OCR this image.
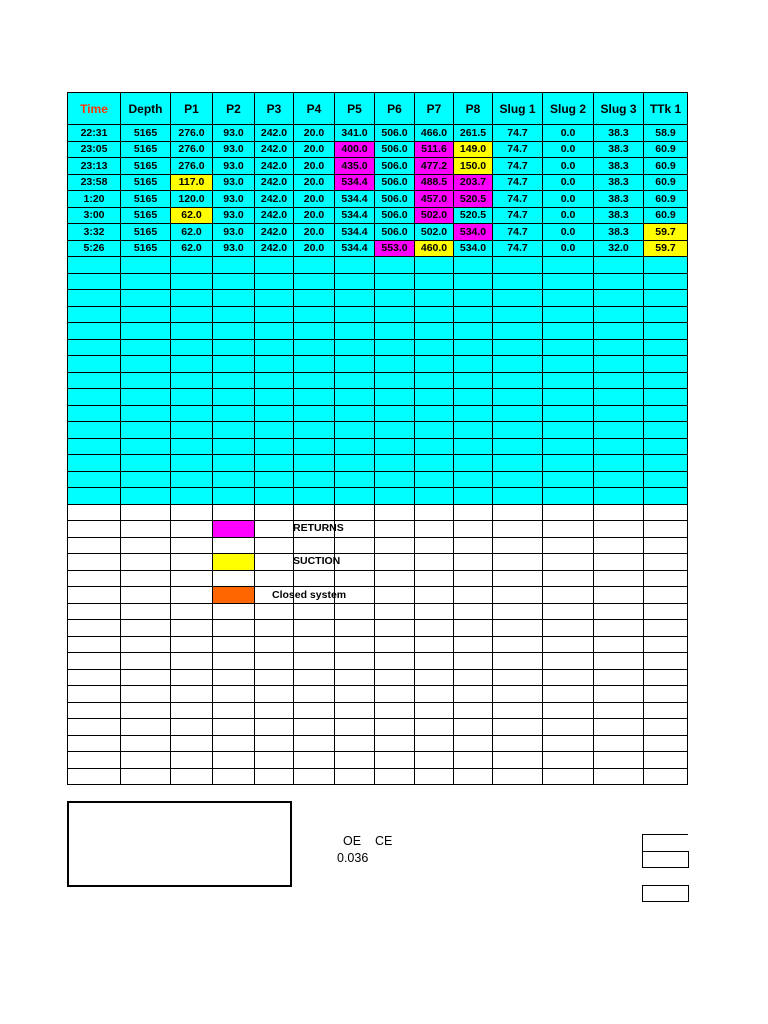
Time	Depth	P1	P2	P3	P4	P5	P6	P7	P8	Slug 1	Slug 2	Slug 3	TTk 1
22:31	5165	276.0	93.0	242.0	20.0	341.0	506.0	466.0	261.5	74.7	0.0	38.3	58.9
23:05	5165	276.0	93.0	242.0	20.0	400.0	506.0	511.6	149.0	74.7	0.0	38.3	60.9
23:13	5165	276.0	93.0	242.0	20.0	435.0	506.0	477.2	150.0	74.7	0.0	38.3	60.9
23:58	5165	117.0	93.0	242.0	20.0	534.4	506.0	488.5	203.7	74.7	0.0	38.3	60.9
1:20	5165	120.0	93.0	242.0	20.0	534.4	506.0	457.0	520.5	74.7	0.0	38.3	60.9
3:00	5165	62.0	93.0	242.0	20.0	534.4	506.0	502.0	520.5	74.7	0.0	38.3	60.9
3:32	5165	62.0	93.0	242.0	20.0	534.4	506.0	502.0	534.0	74.7	0.0	38.3	59.7
5:26	5165	62.0	93.0	242.0	20.0	534.4	553.0	460.0	534.0	74.7	0.0	32.0	59.7

RETURNS
SUCTION
Closed system
OE    CE
0.036
